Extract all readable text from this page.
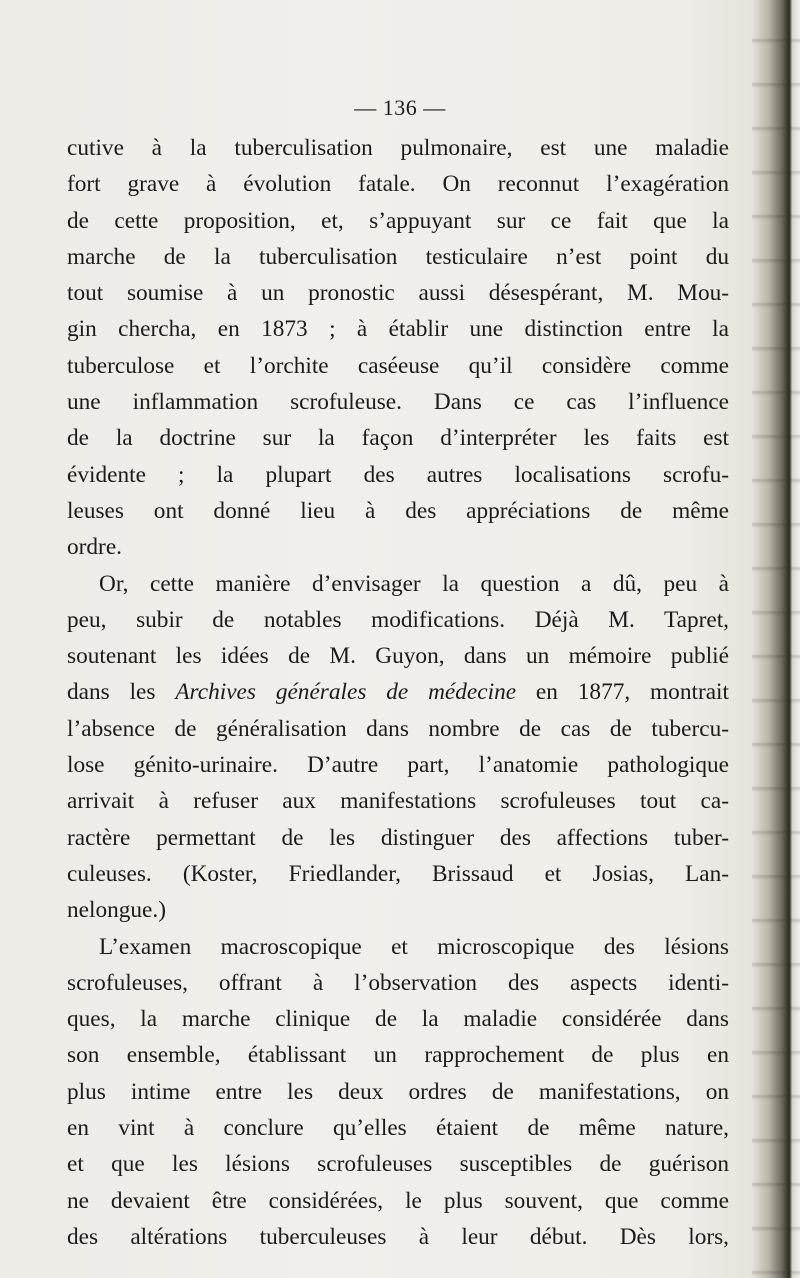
— 136 —
cutive à la tuberculisation pulmonaire, est une maladie
fort grave à évolution fatale. On reconnut l’exagération
de cette proposition, et, s’appuyant sur ce fait que la
marche de la tuberculisation testiculaire n’est point du
tout soumise à un pronostic aussi désespérant, M. Mou-
gin chercha, en 1873 ; à établir une distinction entre la
tuberculose et l’orchite caséeuse qu’il considère comme
une inflammation scrofuleuse. Dans ce cas l’influence
de la doctrine sur la façon d’interpréter les faits est
évidente ; la plupart des autres localisations scrofu-
leuses ont donné lieu à des appréciations de même
ordre.
Or, cette manière d’envisager la question a dû, peu à
peu, subir de notables modifications. Déjà M. Tapret,
soutenant les idées de M. Guyon, dans un mémoire publié
dans les Archives générales de médecine en 1877, montrait
l’absence de généralisation dans nombre de cas de tubercu-
lose génito-urinaire. D’autre part, l’anatomie pathologique
arrivait à refuser aux manifestations scrofuleuses tout ca-
ractère permettant de les distinguer des affections tuber-
culeuses. (Koster, Friedlander, Brissaud et Josias, Lan-
nelongue.)
L’examen macroscopique et microscopique des lésions
scrofuleuses, offrant à l’observation des aspects identi-
ques, la marche clinique de la maladie considérée dans
son ensemble, établissant un rapprochement de plus en
plus intime entre les deux ordres de manifestations, on
en vint à conclure qu’elles étaient de même nature,
et que les lésions scrofuleuses susceptibles de guérison
ne devaient être considérées, le plus souvent, que comme
des altérations tuberculeuses à leur début. Dès lors,
